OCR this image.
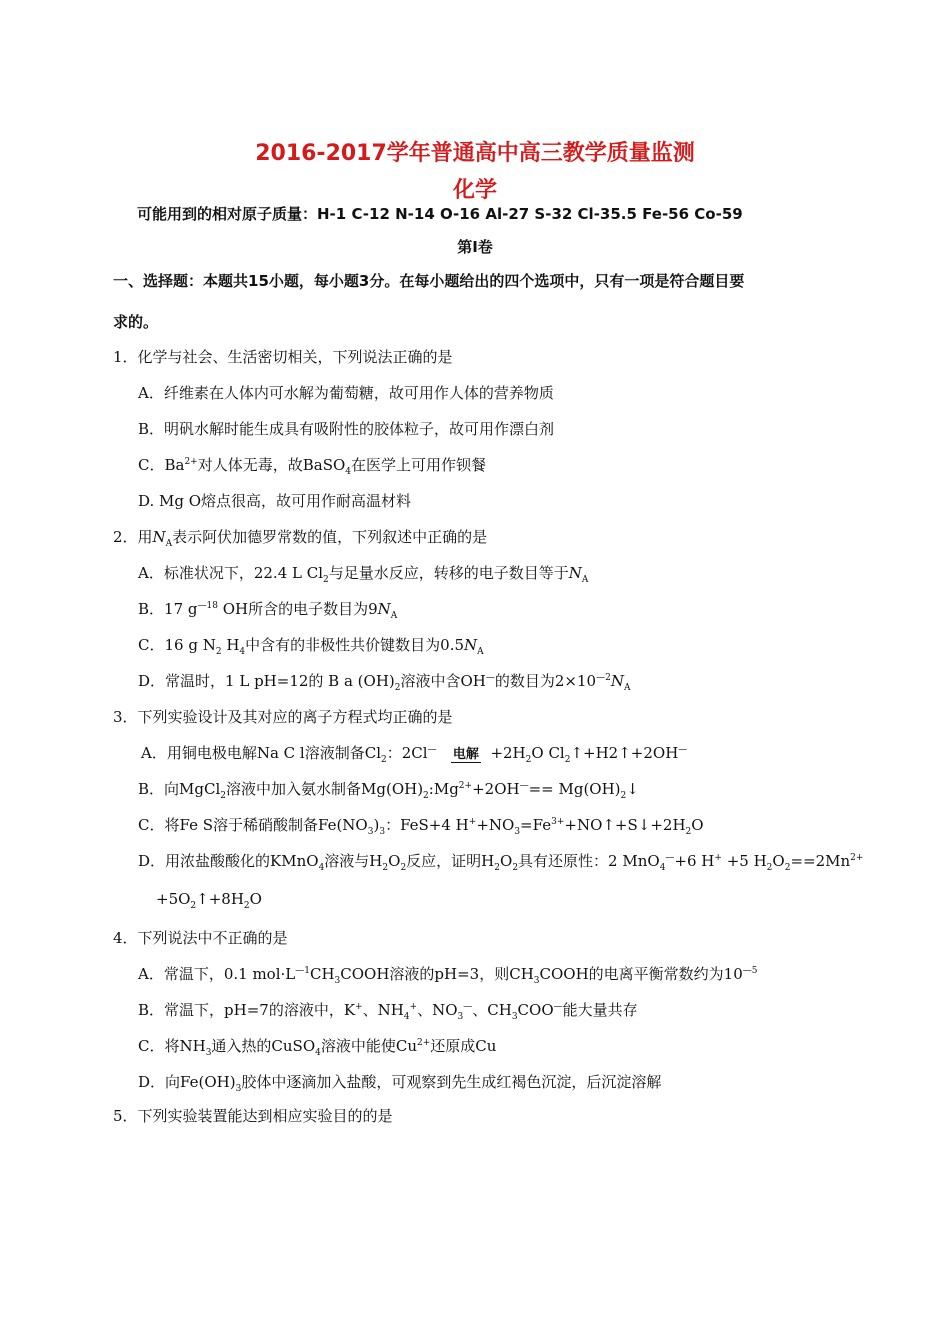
2016-2017学年普通高中高三教学质量监测
化学
可能用到的相对原子质量：H-1 C-12 N-14 O-16 Al-27 S-32 Cl-35.5 Fe-56 Co-59
第Ⅰ卷
一、选择题：本题共15小题，每小题3分。在每小题给出的四个选项中，只有一项是符合题目要
求的。
1．化学与社会、生活密切相关，下列说法正确的是
A．纤维素在人体内可水解为葡萄糖，故可用作人体的营养物质
B．明矾水解时能生成具有吸附性的胶体粒子，故可用作漂白剂
C．$Ba^{2+}$对人体无毒，故BaSO$_4$在医学上可用作钡餐
D. Mg O熔点很高，故可用作耐高温材料
2．用$N_A$表示阿伏加德罗常数的值，下列叙述中正确的是
A．标准状况下，22.4 L $Cl_2$与足量水反应，转移的电子数目等于$N_A$
B．17 $g^{—18}$ OH所含的电子数目为$9N_A$
C．16 g $N_2$ $H_4$中含有的非极性共价键数目为$0.5N_A$
D．常温时，1 L pH=12的 B a $(OH)_2$溶液中含OH—的数目为$2\times 10^{—2}N_A$
3．下列实验设计及其对应的离子方程式均正确的是
A．用铜电极电解Na C l溶液制备$Cl_2$：2Cl— 电解  $+2H_2O$ $Cl_2↑+H2↑+2OH^—$
B．向MgCl$_2$溶液中加入氨水制备$Mg(OH)_2:Mg^{2+}+2OH^—==$ $Mg(OH)_2↓$
C．将Fe S溶于稀硝酸制备$Fe(NO_3)_3$：FeS+4 $H^++NO_3=Fe^{3+}+NO↑+S↓+2H_2O$
D．用浓盐酸酸化的KMnO$_4$溶液与$H_2O_2$反应，证明$H_2O_2$具有还原性：2 MnO$_4$—+6 H+ +5 $H_2O_2==2Mn^{2+}$
$+5O_2↑+8H_2O$
4．下列说法中不正确的是
A．常温下，0.1 $mol\cdot L^{—1}CH_3COOH$溶液的pH=3，则$CH_3COOH$的电离平衡常数约为$10^{—5}$
B．常温下，pH=7的溶液中，K+、$NH_4^+$、$NO_3^—$、$CH_3COO^—$能大量共存
C．将$NH_3$通入热的CuSO$_4$溶液中能使$Cu^{2+}$还原成Cu
D．向$Fe(OH)_3$胶体中逐滴加入盐酸，可观察到先生成红褐色沉淀，后沉淀溶解
5．下列实验装置能达到相应实验目的的是
